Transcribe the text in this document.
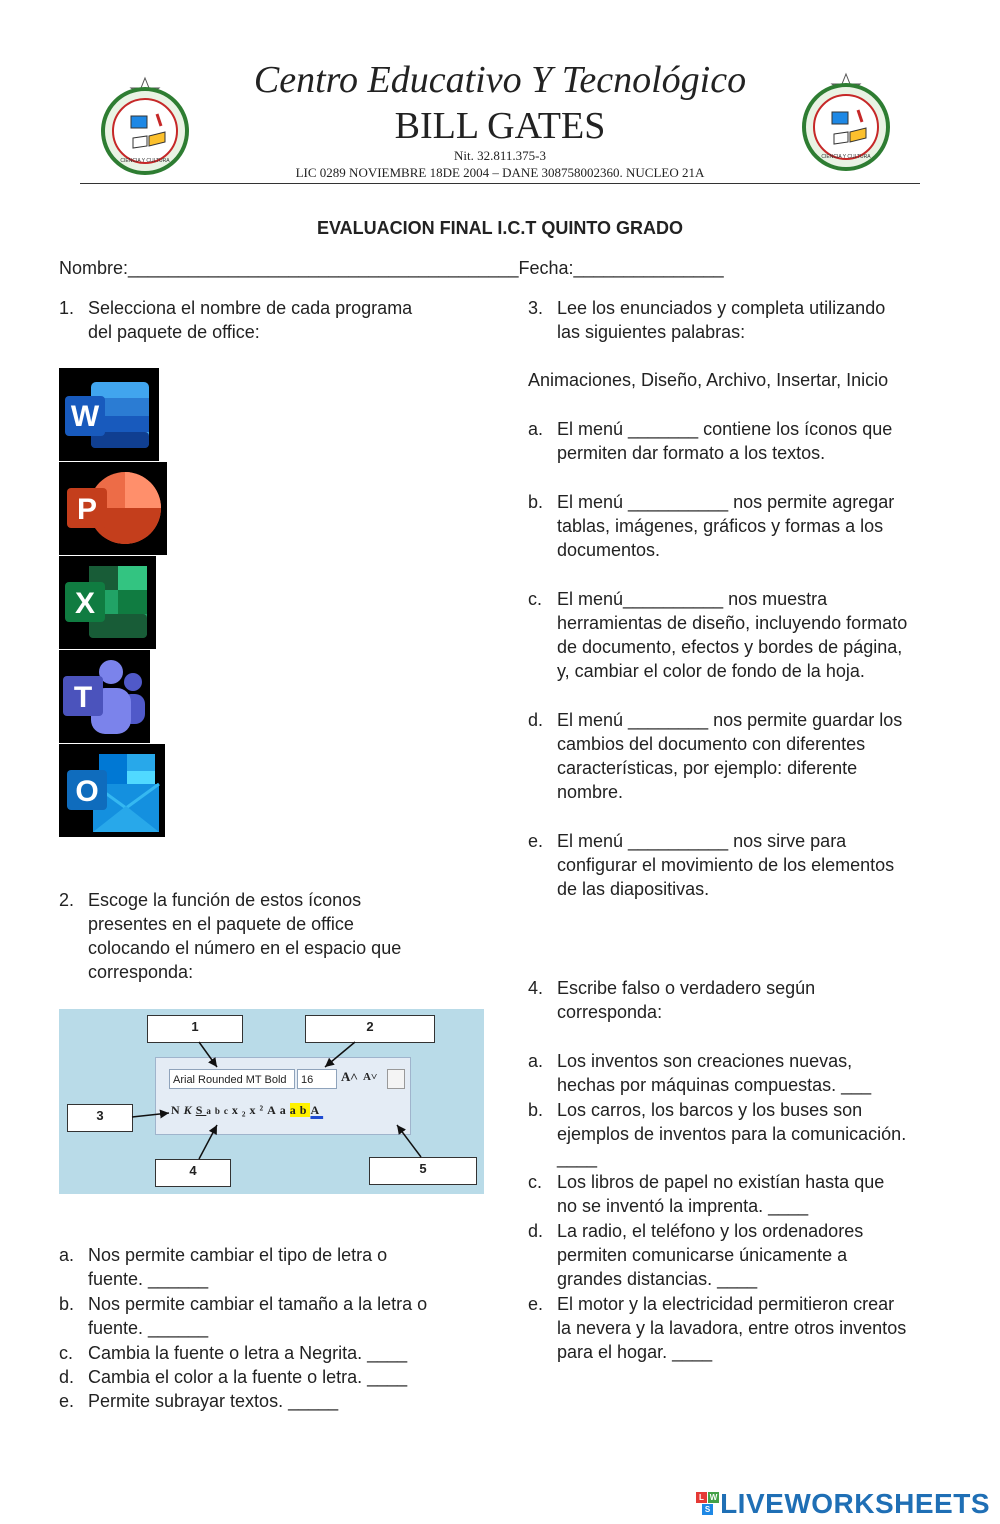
CIENCIA Y CULTURA
CIENCIA Y CULTURA
Centro Educativo Y Tecnológico
BILL GATES
Nit. 32.811.375-3
LIC 0289 NOVIEMBRE 18DE 2004 – DANE 308758002360. NUCLEO 21A
EVALUACION FINAL I.C.T QUINTO GRADO
Nombre:_______________________________________Fecha:_______________
1. Selecciona el nombre de cada programa
del paquete de office:
W
P
X
T
O
2. Escoge la función de estos íconos
presentes en el paquete de office
colocando el número en el espacio que
corresponda:
Arial Rounded MT Bold	16	A˄ A˅
NKSabcx₂x²AaabA
1	2
3
4	5
a. Nos permite cambiar el tipo de letra o
fuente. ______
b. Nos permite cambiar el tamaño a la letra o
fuente. ______
c. Cambia la fuente o letra a Negrita. ____
d. Cambia el color a la fuente o letra. ____
e. Permite subrayar textos. _____
3. Lee los enunciados y completa utilizando
las siguientes palabras:
Animaciones, Diseño, Archivo, Insertar, Inicio
a. El menú _______ contiene los íconos que
permiten dar formato a los textos.
b. El menú __________ nos permite agregar
tablas, imágenes, gráficos y formas a los
documentos.
c. El menú__________ nos muestra
herramientas de diseño, incluyendo formato
de documento, efectos y bordes de página,
y, cambiar el color de fondo de la hoja.
d. El menú ________ nos permite guardar los
cambios del documento con diferentes
características, por ejemplo: diferente
nombre.
e. El menú __________ nos sirve para
configurar el movimiento de los elementos
de las diapositivas.
4. Escribe falso o verdadero según
corresponda:
a. Los inventos son creaciones nuevas,
hechas por máquinas compuestas. ___
b. Los carros, los barcos y los buses son
ejemplos de inventos para la comunicación.
____
c. Los libros de papel no existían hasta que
no se inventó la imprenta. ____
d. La radio, el teléfono y los ordenadores
permiten comunicarse únicamente a
grandes distancias. ____
e. El motor y la electricidad permitieron crear
la nevera y la lavadora, entre otros inventos
para el hogar. ____
L W
S LIVEWORKSHEETS
